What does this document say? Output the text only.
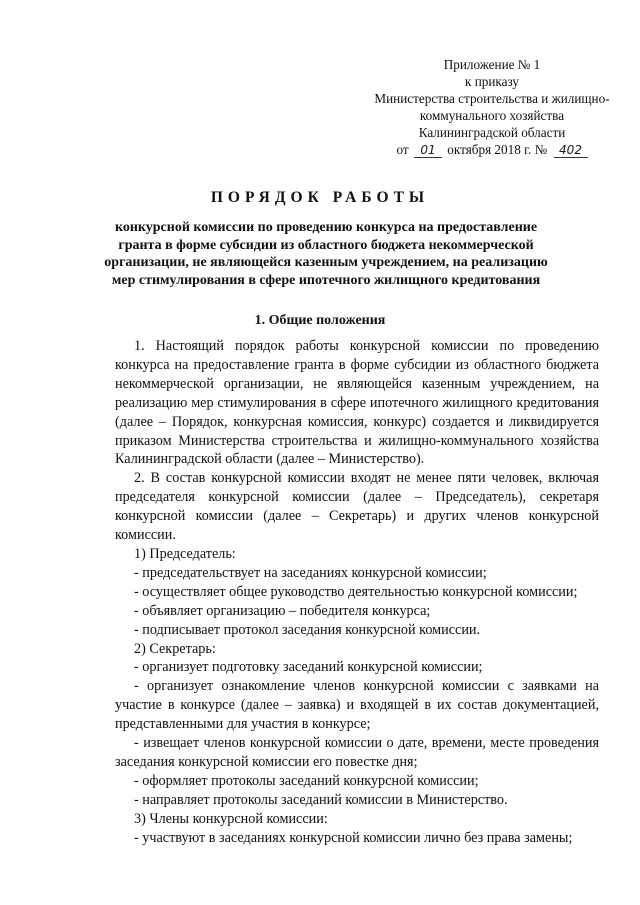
Приложение № 1
к приказу
Министерства строительства и жилищно-
коммунального хозяйства
Калининградской области
от 01 октября 2018 г. № 402
ПОРЯДОК РАБОТЫ
конкурсной комиссии по проведению конкурса на предоставление гранта в форме субсидии из областного бюджета некоммерческой организации, не являющейся казенным учреждением, на реализацию мер стимулирования в сфере ипотечного жилищного кредитования
1. Общие положения

1. Настоящий порядок работы конкурсной комиссии по проведению конкурса на предоставление гранта в форме субсидии из областного бюджета некоммерческой организации, не являющейся казенным учреждением, на реализацию мер стимулирования в сфере ипотечного жилищного кредитования (далее – Порядок, конкурсная комиссия, конкурс) создается и ликвидируется приказом Министерства строительства и жилищно-коммунального хозяйства Калининградской области (далее – Министерство).

2. В состав конкурсной комиссии входят не менее пяти человек, включая председателя конкурсной комиссии (далее – Председатель), секретаря конкурсной комиссии (далее – Секретарь) и других членов конкурсной комиссии.

1) Председатель:

- председательствует на заседаниях конкурсной комиссии;

- осуществляет общее руководство деятельностью конкурсной комиссии;

- объявляет организацию – победителя конкурса;

- подписывает протокол заседания конкурсной комиссии.

2) Секретарь:

- организует подготовку заседаний конкурсной комиссии;

- организует ознакомление членов конкурсной комиссии с заявками на участие в конкурсе (далее – заявка) и входящей в их состав документацией, представленными для участия в конкурсе;

- извещает членов конкурсной комиссии о дате, времени, месте проведения заседания конкурсной комиссии его повестке дня;

- оформляет протоколы заседаний конкурсной комиссии;

- направляет протоколы заседаний комиссии в Министерство.

3) Члены конкурсной комиссии:

- участвуют в заседаниях конкурсной комиссии лично без права замены;
